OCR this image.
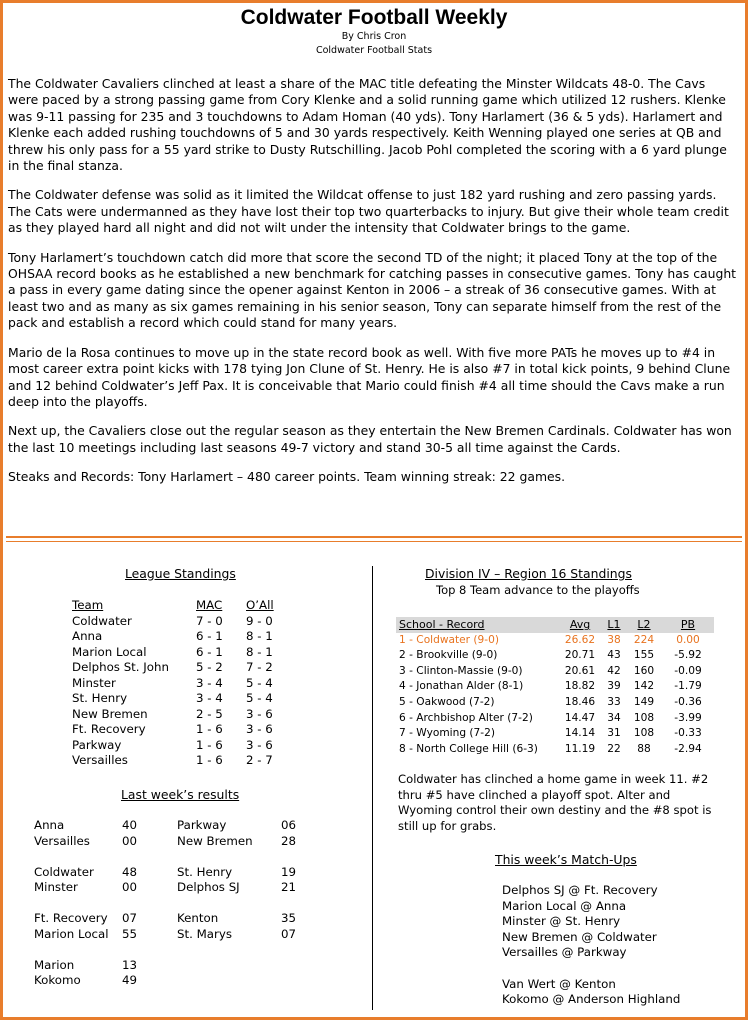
Coldwater Football Weekly
By Chris Cron
Coldwater Football Stats

The Coldwater Cavaliers clinched at least a share of the MAC title defeating the Minster Wildcats 48-0. The Cavs were paced by a strong passing game from Cory Klenke and a solid running game which utilized 12 rushers. Klenke was 9-11 passing for 235 and 3 touchdowns to Adam Homan (40 yds). Tony Harlamert (36 & 5 yds). Harlamert and Klenke each added rushing touchdowns of 5 and 30 yards respectively. Keith Wenning played one series at QB and threw his only pass for a 55 yard strike to Dusty Rutschilling. Jacob Pohl completed the scoring with a 6 yard plunge in the final stanza.

The Coldwater defense was solid as it limited the Wildcat offense to just 182 yard rushing and zero passing yards. The Cats were undermanned as they have lost their top two quarterbacks to injury. But give their whole team credit as they played hard all night and did not wilt under the intensity that Coldwater brings to the game.

Tony Harlamert’s touchdown catch did more that score the second TD of the night; it placed Tony at the top of the OHSAA record books as he established a new benchmark for catching passes in consecutive games. Tony has caught a pass in every game dating since the opener against Kenton in 2006 – a streak of 36 consecutive games. With at least two and as many as six games remaining in his senior season, Tony can separate himself from the rest of the pack and establish a record which could stand for many years.

Mario de la Rosa continues to move up in the state record book as well. With five more PATs he moves up to #4 in most career extra point kicks with 178 tying Jon Clune of St. Henry. He is also #7 in total kick points, 9 behind Clune and 12 behind Coldwater’s Jeff Pax. It is conceivable that Mario could finish #4 all time should the Cavs make a run deep into the playoffs.

Next up, the Cavaliers close out the regular season as they entertain the New Bremen Cardinals. Coldwater has won the last 10 meetings including last seasons 49-7 victory and stand 30-5 all time against the Cards.

Steaks and Records: Tony Harlamert – 480 career points. Team winning streak: 22 games.

League Standings
Team	MAC	O’All
Coldwater	7 - 0	9 - 0
Anna	6 - 1	8 - 1
Marion Local	6 - 1	8 - 1
Delphos St. John	5 - 2	7 - 2
Minster	3 - 4	5 - 4
St. Henry	3 - 4	5 - 4
New Bremen	2 - 5	3 - 6
Ft. Recovery	1 - 6	3 - 6
Parkway	1 - 6	3 - 6
Versailles	1 - 6	2 - 7
Last week’s results
Anna	40	Parkway	06
Versailles	00	New Bremen	28

Coldwater	48	St. Henry	19
Minster	00	Delphos SJ	21

Ft. Recovery	07	Kenton	35
Marion Local	55	St. Marys	07

Marion	13		
Kokomo	49		
Division IV – Region 16 Standings
Top 8 Team advance to the playoffs
School - Record	Avg	L1	L2	PB
1 - Coldwater (9-0)	26.62	38	224	0.00
2 - Brookville (9-0)	20.71	43	155	-5.92
3 - Clinton-Massie (9-0)	20.61	42	160	-0.09
4 - Jonathan Alder (8-1)	18.82	39	142	-1.79
5 - Oakwood (7-2)	18.46	33	149	-0.36
6 - Archbishop Alter (7-2)	14.47	34	108	-3.99
7 - Wyoming (7-2)	14.14	31	108	-0.33
8 - North College Hill (6-3)	11.19	22	88	-2.94
Coldwater has clinched a home game in week 11. #2 thru #5 have clinched a playoff spot. Alter and Wyoming control their own destiny and the #8 spot is still up for grabs.
This week’s Match-Ups
Delphos SJ @ Ft. Recovery
Marion Local @ Anna
Minster @ St. Henry
New Bremen @ Coldwater
Versailles @ Parkway
Van Wert @ Kenton
Kokomo @ Anderson Highland
